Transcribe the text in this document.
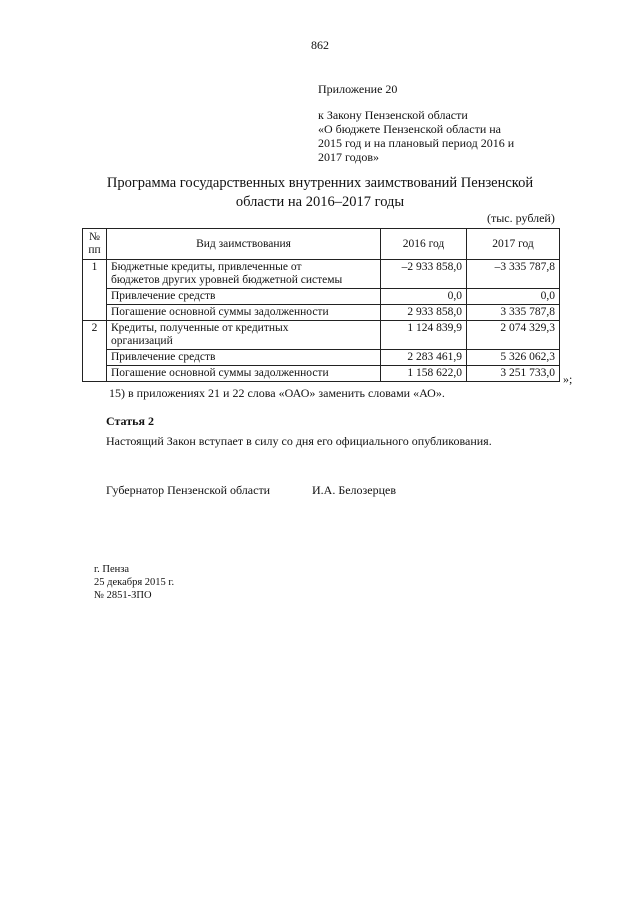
862
Приложение 20
к Закону Пензенской области
«О бюджете Пензенской области на
2015 год и на плановый период 2016 и
2017 годов»
Программа государственных внутренних заимствований Пензенской
области на 2016–2017 годы
(тыс. рублей)
№
пп	Вид заимствования	2016 год	2017 год
1	Бюджетные кредиты, привлеченные от
бюджетов других уровней бюджетной системы	–2 933 858,0	–3 335 787,8
	Привлечение средств	0,0	0,0
	Погашение основной суммы задолженности	2 933 858,0	3 335 787,8
2	Кредиты, полученные от кредитных
организаций	1 124 839,9	2 074 329,3
	Привлечение средств	2 283 461,9	5 326 062,3
	Погашение основной суммы задолженности	1 158 622,0	3 251 733,0 »;
15) в приложениях 21 и 22 слова «ОАО» заменить словами «АО».
Статья 2
Настоящий Закон вступает в силу со дня его официального опубликования.
Губернатор Пензенской области	И.А. Белозерцев
г. Пенза
25 декабря 2015 г.
№ 2851-ЗПО
